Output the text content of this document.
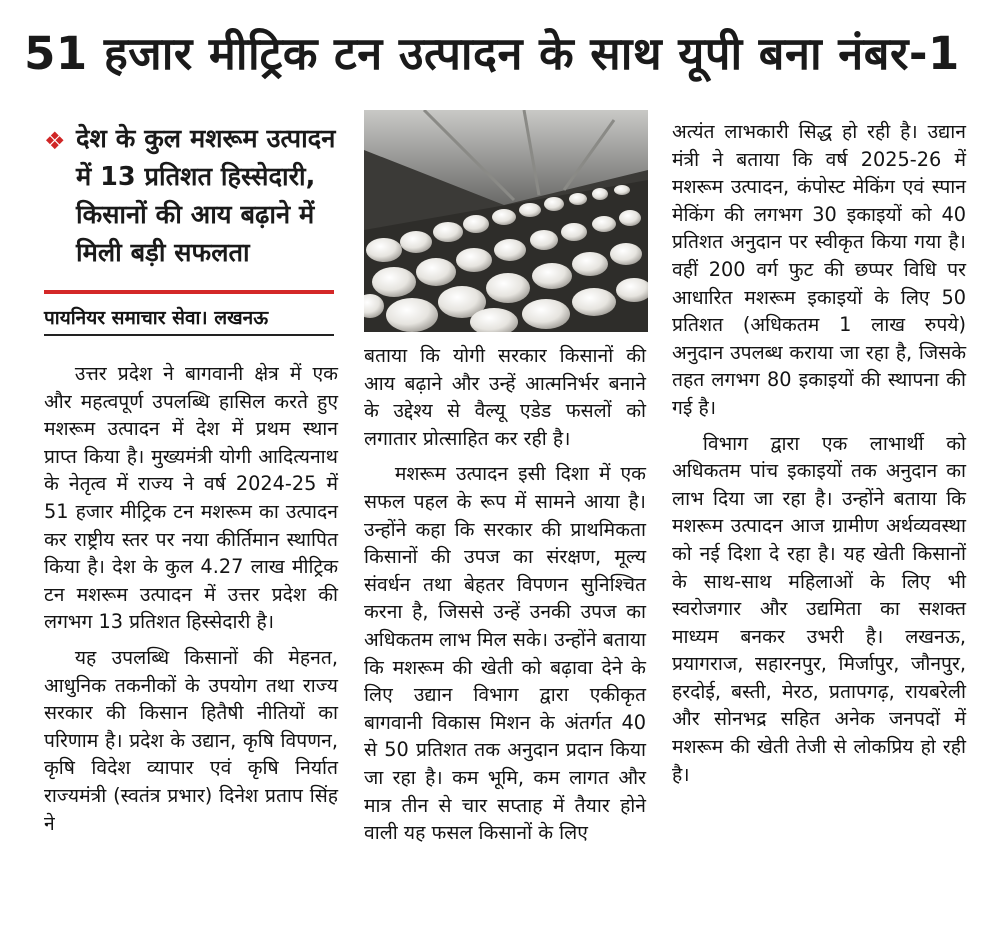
51 हजार मीट्रिक टन उत्पादन के साथ यूपी बना नंबर-1
❖ देश के कुल मशरूम उत्पादन में 13 प्रतिशत हिस्सेदारी, किसानों की आय बढ़ाने में मिली बड़ी सफलता
पायनियर समाचार सेवा। लखनऊ

उत्तर प्रदेश ने बागवानी क्षेत्र में एक और महत्वपूर्ण उपलब्धि हासिल करते हुए मशरूम उत्पादन में देश में प्रथम स्थान प्राप्त किया है। मुख्यमंत्री योगी आदित्यनाथ के नेतृत्व में राज्य ने वर्ष 2024-25 में 51 हजार मीट्रिक टन मशरूम का उत्पादन कर राष्ट्रीय स्तर पर नया कीर्तिमान स्थापित किया है। देश के कुल 4.27 लाख मीट्रिक टन मशरूम उत्पादन में उत्तर प्रदेश की लगभग 13 प्रतिशत हिस्सेदारी है।

यह उपलब्धि किसानों की मेहनत, आधुनिक तकनीकों के उपयोग तथा राज्य सरकार की किसान हितैषी नीतियों का परिणाम है। प्रदेश के उद्यान, कृषि विपणन, कृषि विदेश व्यापार एवं कृषि निर्यात राज्यमंत्री (स्वतंत्र प्रभार) दिनेश प्रताप सिंह ने

बताया कि योगी सरकार किसानों की आय बढ़ाने और उन्हें आत्मनिर्भर बनाने के उद्देश्य से वैल्यू एडेड फसलों को लगातार प्रोत्साहित कर रही है।

मशरूम उत्पादन इसी दिशा में एक सफल पहल के रूप में सामने आया है। उन्होंने कहा कि सरकार की प्राथमिकता किसानों की उपज का संरक्षण, मूल्य संवर्धन तथा बेहतर विपणन सुनिश्चित करना है, जिससे उन्हें उनकी उपज का अधिकतम लाभ मिल सके। उन्होंने बताया कि मशरूम की खेती को बढ़ावा देने के लिए उद्यान विभाग द्वारा एकीकृत बागवानी विकास मिशन के अंतर्गत 40 से 50 प्रतिशत तक अनुदान प्रदान किया जा रहा है। कम भूमि, कम लागत और मात्र तीन से चार सप्ताह में तैयार होने वाली यह फसल किसानों के लिए

अत्यंत लाभकारी सिद्ध हो रही है। उद्यान मंत्री ने बताया कि वर्ष 2025-26 में मशरूम उत्पादन, कंपोस्ट मेकिंग एवं स्पान मेकिंग की लगभग 30 इकाइयों को 40 प्रतिशत अनुदान पर स्वीकृत किया गया है। वहीं 200 वर्ग फुट की छप्पर विधि पर आधारित मशरूम इकाइयों के लिए 50 प्रतिशत (अधिकतम 1 लाख रुपये) अनुदान उपलब्ध कराया जा रहा है, जिसके तहत लगभग 80 इकाइयों की स्थापना की गई है।

विभाग द्वारा एक लाभार्थी को अधिकतम पांच इकाइयों तक अनुदान का लाभ दिया जा रहा है। उन्होंने बताया कि मशरूम उत्पादन आज ग्रामीण अर्थव्यवस्था को नई दिशा दे रहा है। यह खेती किसानों के साथ-साथ महिलाओं के लिए भी स्वरोजगार और उद्यमिता का सशक्त माध्यम बनकर उभरी है। लखनऊ, प्रयागराज, सहारनपुर, मिर्जापुर, जौनपुर, हरदोई, बस्ती, मेरठ, प्रतापगढ़, रायबरेली और सोनभद्र सहित अनेक जनपदों में मशरूम की खेती तेजी से लोकप्रिय हो रही है।
